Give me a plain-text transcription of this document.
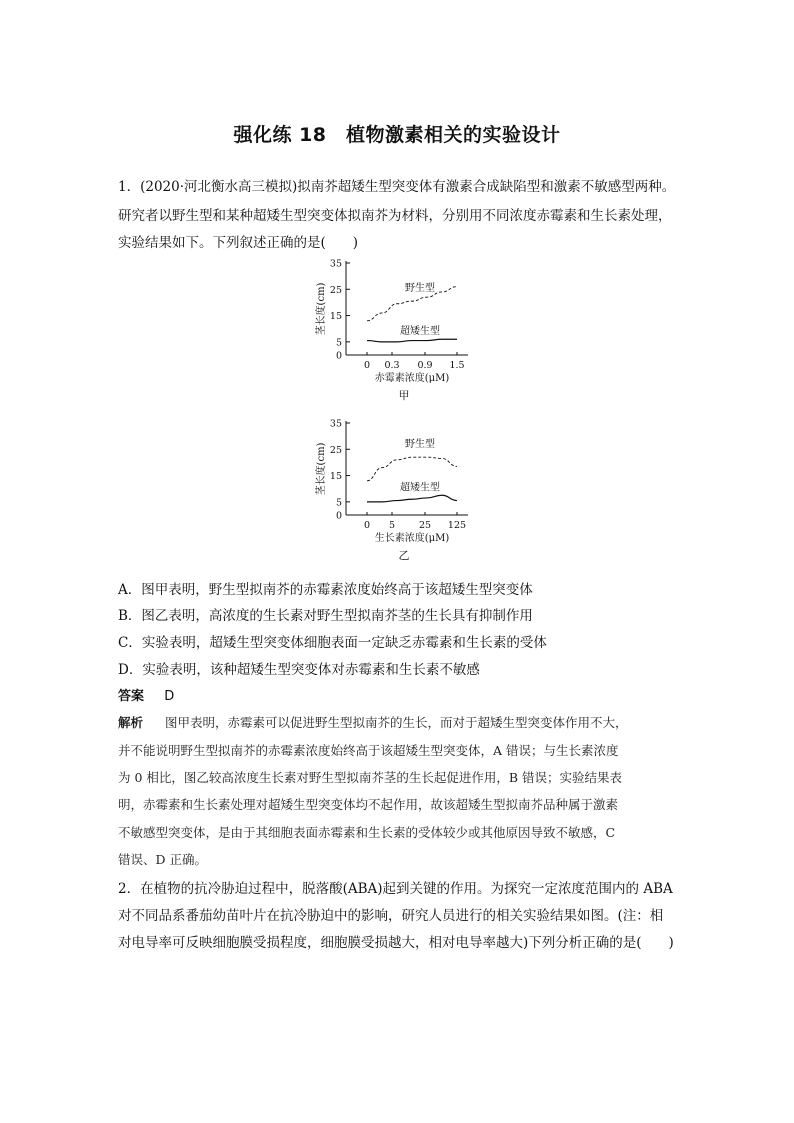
强化练 18　植物激素相关的实验设计
1．(2020·河北衡水高三模拟)拟南芥超矮生型突变体有激素合成缺陷型和激素不敏感型两种。
研究者以野生型和某种超矮生型突变体拟南芥为材料，分别用不同浓度赤霉素和生长素处理，
实验结果如下。下列叙述正确的是(　　)
0
5
15
25
35
0 0.3 0.9 1.5
茎长度(cm)
赤霉素浓度(μM)
甲
野生型
超矮生型
0
5
15
25
35
0 5	25 125
茎长度(cm)
生长素浓度(μM)
乙
野生型
超矮生型
A．图甲表明，野生型拟南芥的赤霉素浓度始终高于该超矮生型突变体
B．图乙表明，高浓度的生长素对野生型拟南芥茎的生长具有抑制作用
C．实验表明，超矮生型突变体细胞表面一定缺乏赤霉素和生长素的受体
D．实验表明，该种超矮生型突变体对赤霉素和生长素不敏感
答案 D
解析 图甲表明，赤霉素可以促进野生型拟南芥的生长，而对于超矮生型突变体作用不大，
并不能说明野生型拟南芥的赤霉素浓度始终高于该超矮生型突变体，A 错误；与生长素浓度
为 0 相比，图乙较高浓度生长素对野生型拟南芥茎的生长起促进作用，B 错误；实验结果表
明，赤霉素和生长素处理对超矮生型突变体均不起作用，故该超矮生型拟南芥品种属于激素
不敏感型突变体，是由于其细胞表面赤霉素和生长素的受体较少或其他原因导致不敏感，C
错误、D 正确。
2．在植物的抗冷胁迫过程中，脱落酸(ABA)起到关键的作用。为探究一定浓度范围内的 ABA
对不同品系番茄幼苗叶片在抗冷胁迫中的影响，研究人员进行的相关实验结果如图。(注：相
对电导率可反映细胞膜受损程度，细胞膜受损越大，相对电导率越大)下列分析正确的是(　　)
